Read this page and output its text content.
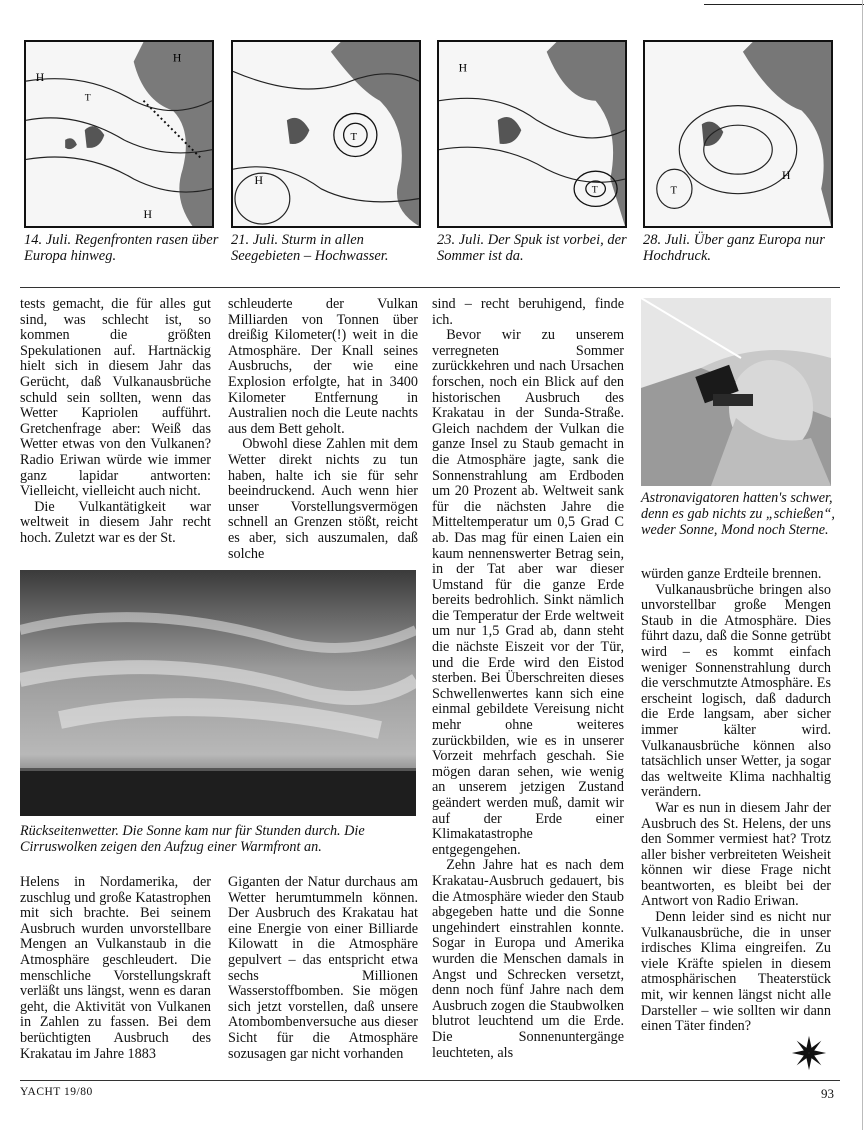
H
H
H
T
H
T
H
T	T
H
14. Juli. Regenfronten rasen über Europa hinweg.
21. Juli. Sturm in allen Seegebieten – Hochwasser.
23. Juli. Der Spuk ist vorbei, der Sommer ist da.
28. Juli. Über ganz Europa nur Hochdruck.

tests gemacht, die für alles gut sind, was schlecht ist, so kommen die größten Spekulationen auf. Hartnäckig hielt sich in diesem Jahr das Gerücht, daß Vulkanausbrüche schuld sein sollten, wenn das Wetter Kapriolen aufführt. Gretchenfrage aber: Weiß das Wetter etwas von den Vulkanen? Radio Eriwan würde wie immer ganz lapidar antworten: Vielleicht, vielleicht auch nicht.

Die Vulkantätigkeit war weltweit in diesem Jahr recht hoch. Zuletzt war es der St.

schleuderte der Vulkan Milliarden von Tonnen über dreißig Kilometer(!) weit in die Atmosphäre. Der Knall seines Ausbruchs, der wie eine Explosion erfolgte, hat in 3400 Kilometer Entfernung in Australien noch die Leute nachts aus dem Bett geholt.

Obwohl diese Zahlen mit dem Wetter direkt nichts zu tun haben, halte ich sie für sehr beeindruckend. Auch wenn hier unser Vorstellungsvermögen schnell an Grenzen stößt, reicht es aber, sich auszumalen, daß solche

sind – recht beruhigend, finde ich.

Bevor wir zu unserem verregneten Sommer zurückkehren und nach Ursachen forschen, noch ein Blick auf den historischen Ausbruch des Krakatau in der Sunda-Straße. Gleich nachdem der Vulkan die ganze Insel zu Staub gemacht in die Atmosphäre jagte, sank die Sonnenstrahlung am Erdboden um 20 Prozent ab. Weltweit sank für die nächsten Jahre die Mitteltemperatur um 0,5 Grad C ab. Das mag für einen Laien ein kaum nennenswerter Betrag sein, in der Tat aber war dieser Umstand für die ganze Erde bereits bedrohlich. Sinkt nämlich die Temperatur der Erde weltweit um nur 1,5 Grad ab, dann steht die nächste Eiszeit vor der Tür, und die Erde wird den Eistod sterben. Bei Überschreiten dieses Schwellenwertes kann sich eine einmal gebildete Vereisung nicht mehr ohne weiteres zurückbilden, wie es in unserer Vorzeit mehrfach geschah. Sie mögen daran sehen, wie wenig an unserem jetzigen Zustand geändert werden muß, damit wir auf der Erde einer Klimakatastrophe entgegengehen.

Zehn Jahre hat es nach dem Krakatau-Ausbruch gedauert, bis die Atmosphäre wieder den Staub abgegeben hatte und die Sonne ungehindert einstrahlen konnte. Sogar in Europa und Amerika wurden die Menschen damals in Angst und Schrecken versetzt, denn noch fünf Jahre nach dem Ausbruch zogen die Staubwolken blutrot leuchtend um die Erde. Die Sonnenuntergänge leuchteten, als

Astronavigatoren hatten's schwer, denn es gab nichts zu „schießen“, weder Sonne, Mond noch Sterne.

würden ganze Erdteile brennen.

Vulkanausbrüche bringen also unvorstellbar große Mengen Staub in die Atmosphäre. Dies führt dazu, daß die Sonne getrübt wird – es kommt einfach weniger Sonnenstrahlung durch die verschmutzte Atmosphäre. Es erscheint logisch, daß dadurch die Erde langsam, aber sicher immer kälter wird. Vulkanausbrüche können also tatsächlich unser Wetter, ja sogar das weltweite Klima nachhaltig verändern.

War es nun in diesem Jahr der Ausbruch des St. Helens, der uns den Sommer vermiest hat? Trotz aller bisher verbreiteten Weisheit können wir diese Frage nicht beantworten, es bleibt bei der Antwort von Radio Eriwan.

Denn leider sind es nicht nur Vulkanausbrüche, die in unser irdisches Klima eingreifen. Zu viele Kräfte spielen in diesem atmosphärischen Theaterstück mit, wir kennen längst nicht alle Darsteller – wie sollten wir dann einen Täter finden?

Rückseitenwetter. Die Sonne kam nur für Stunden durch. Die Cirruswolken zeigen den Aufzug einer Warmfront an.

Helens in Nordamerika, der zuschlug und große Katastrophen mit sich brachte. Bei seinem Ausbruch wurden unvorstellbare Mengen an Vulkanstaub in die Atmosphäre geschleudert. Die menschliche Vorstellungskraft verläßt uns längst, wenn es daran geht, die Aktivität von Vulkanen in Zahlen zu fassen. Bei dem berüchtigten Ausbruch des Krakatau im Jahre 1883

Giganten der Natur durchaus am Wetter herumtummeln können. Der Ausbruch des Krakatau hat eine Energie von einer Billiarde Kilowatt in die Atmosphäre gepulvert – das entspricht etwa sechs Millionen Wasserstoffbomben. Sie mögen sich jetzt vorstellen, daß unsere Atombombenversuche aus dieser Sicht für die Atmosphäre sozusagen gar nicht vorhanden

YACHT 19/80	93
